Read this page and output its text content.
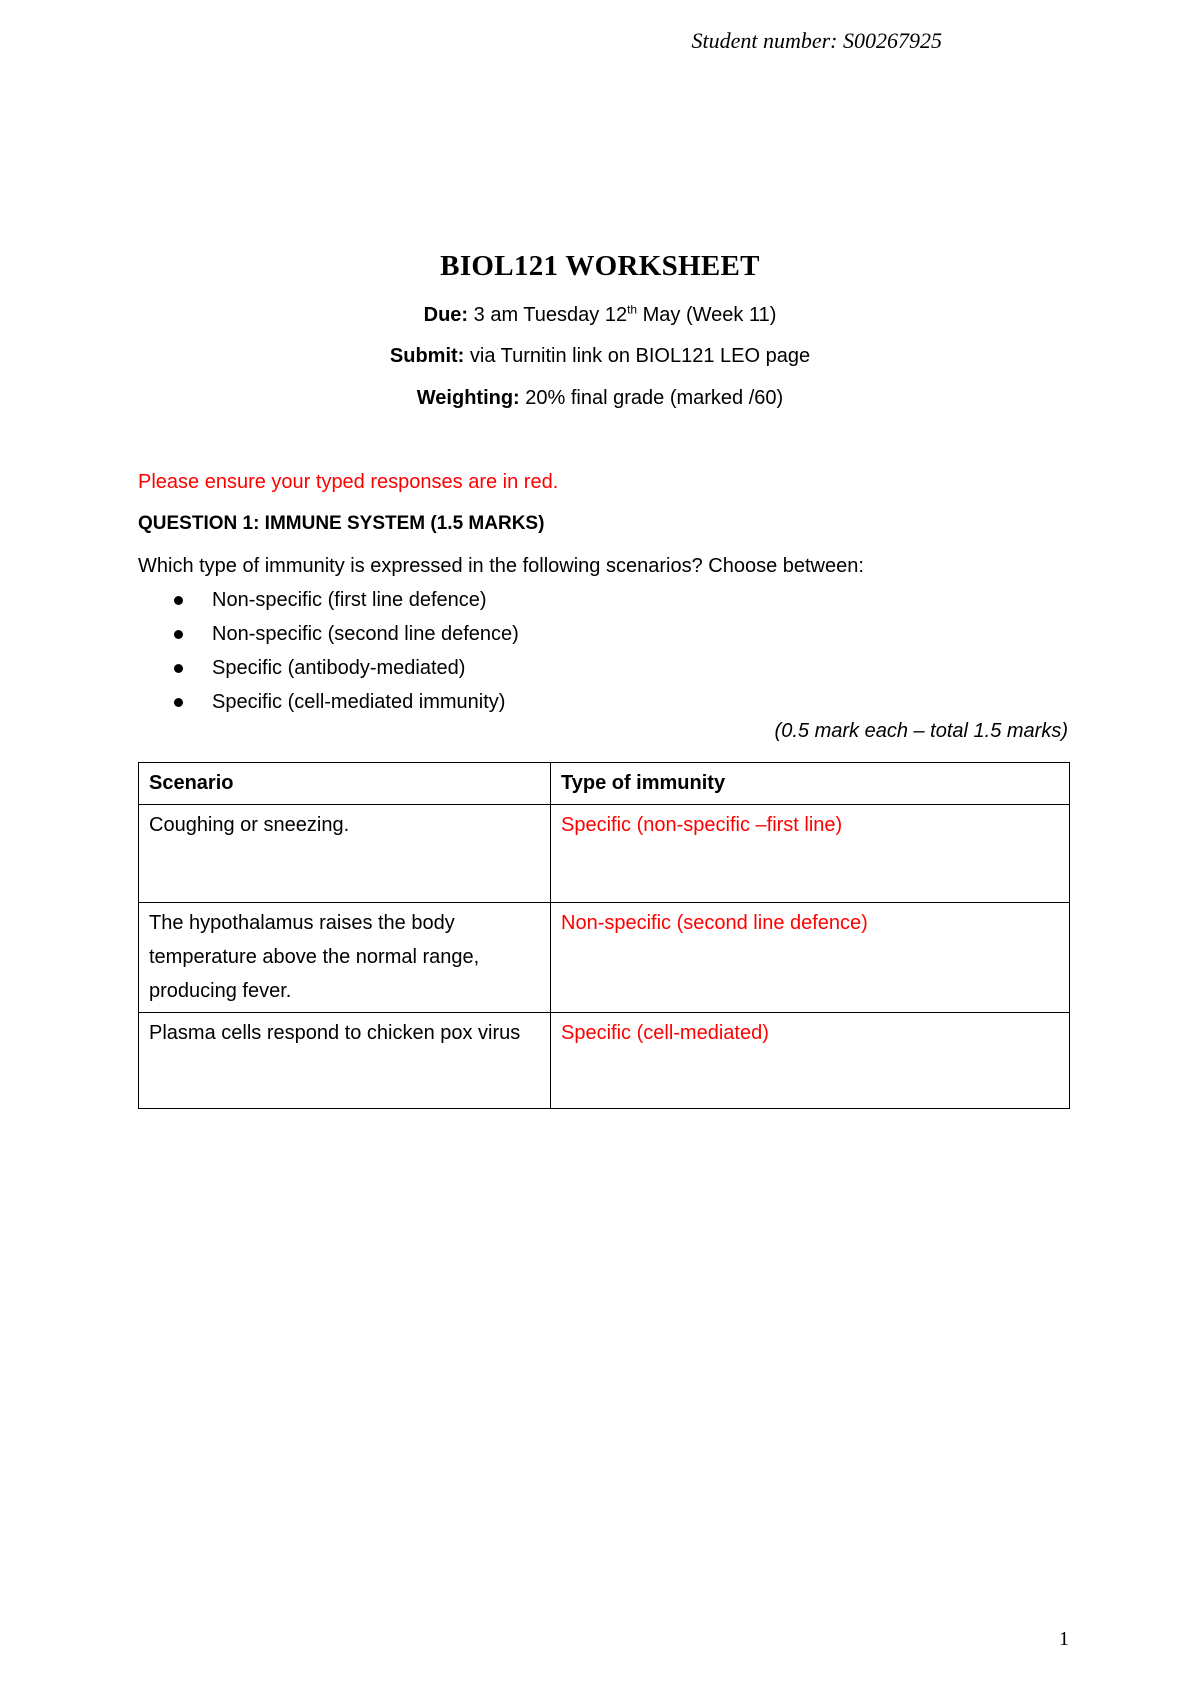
Student number: S00267925
BIOL121 WORKSHEET
Due: 3 am Tuesday 12th May (Week 11)
Submit: via Turnitin link on BIOL121 LEO page
Weighting: 20% final grade (marked /60)
Please ensure your typed responses are in red.
QUESTION 1: IMMUNE SYSTEM (1.5 MARKS)
Which type of immunity is expressed in the following scenarios? Choose between:
Non-specific (first line defence)
Non-specific (second line defence)
Specific (antibody-mediated)
Specific (cell-mediated immunity)
(0.5 mark each – total 1.5 marks)
Scenario	Type of immunity
Coughing or sneezing.	Specific (non-specific –first line)
The hypothalamus raises the body temperature above the normal range, producing fever.	Non-specific (second line defence)
Plasma cells respond to chicken pox virus	Specific (cell-mediated)
1
